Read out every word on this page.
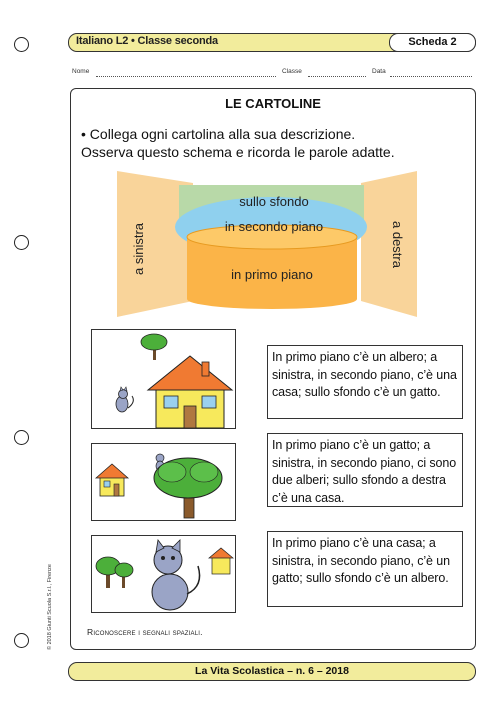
Italiano L2 • Classe seconda	Scheda 2
Nome	Classe	Data
LE CARTOLINE
• Collega ogni cartolina alla sua descrizione.
Osserva questo schema e ricorda le parole adatte.
sullo sfondo
in secondo piano
in primo piano
a sinistra	a destra
In primo piano c’è un albero; a sinistra, in secondo piano, c’è una casa; sullo sfondo c’è un gatto.
In primo piano c’è un gatto; a sinistra, in secondo piano, ci sono due alberi; sullo sfondo a destra c’è una casa.
In primo piano c’è una casa; a sinistra, in secondo piano, c’è un gatto; sullo sfondo c’è un albero.
Riconoscere i segnali spaziali.
© 2018 Giunti Scuola S.r.l., Firenze
La Vita Scolastica – n. 6 – 2018
